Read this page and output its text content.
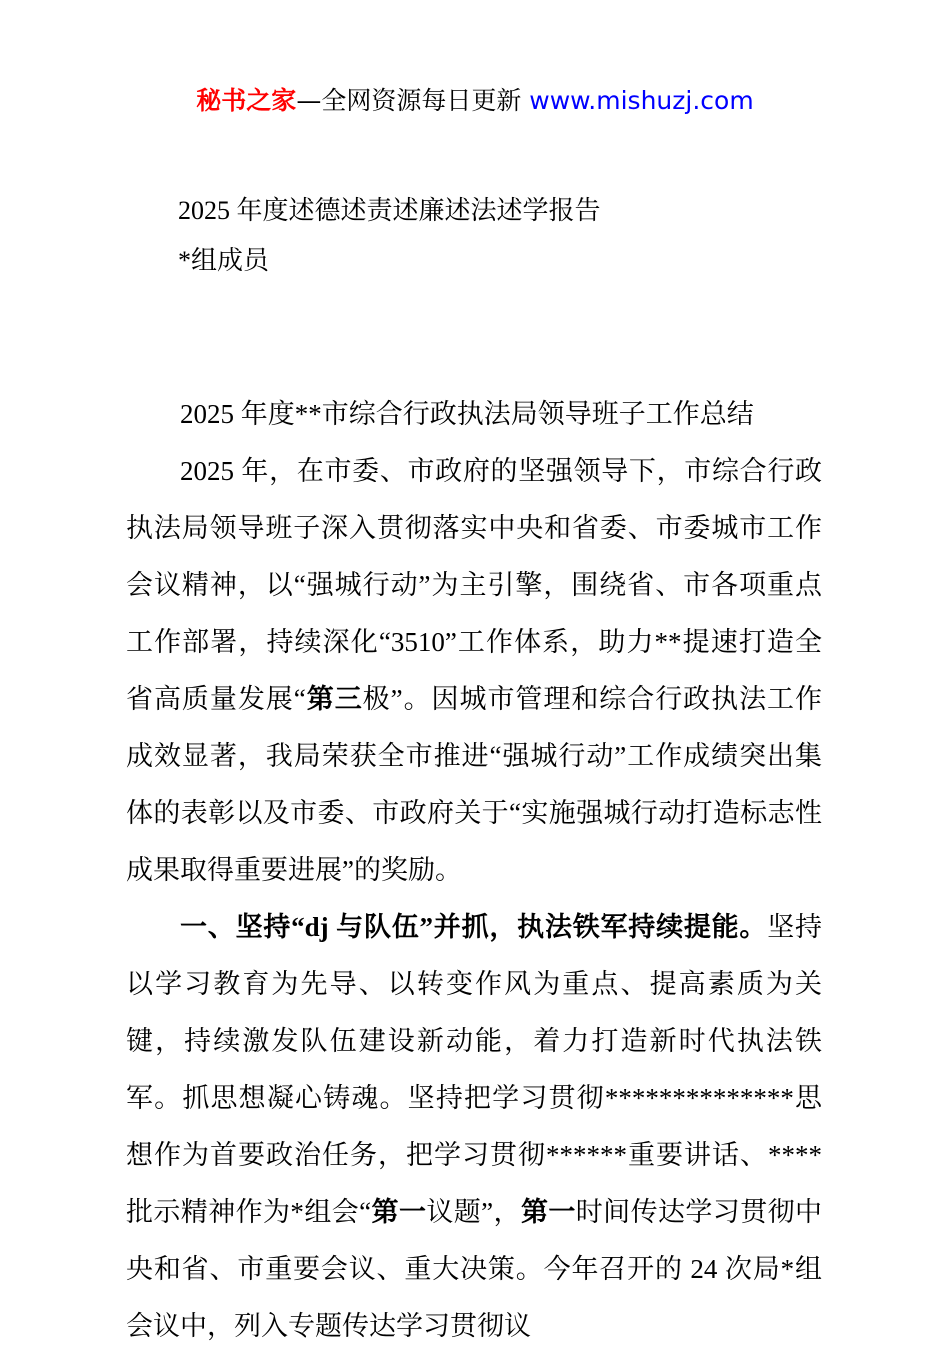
秘书之家—全网资源每日更新 www.mishuzj.com

2025 年度述德述责述廉述法述学报告

*组成员

2025 年度**市综合行政执法局领导班子工作总结

2025 年，在市委、市政府的坚强领导下，市综合行政执法局领导班子深入贯彻落实中央和省委、市委城市工作会议精神，以“强城行动”为主引擎，围绕省、市各项重点工作部署，持续深化“3510”工作体系，助力**提速打造全省高质量发展“第三极”。因城市管理和综合行政执法工作成效显著，我局荣获全市推进“强城行动”工作成绩突出集体的表彰以及市委、市政府关于“实施强城行动打造标志性成果取得重要进展”的奖励。

一、坚持“dj 与队伍”并抓，执法铁军持续提能。坚持以学习教育为先导、以转变作风为重点、提高素质为关键，持续激发队伍建设新动能，着力打造新时代执法铁军。抓思想凝心铸魂。坚持把学习贯彻**************思想作为首要政治任务，把学习贯彻******重要讲话、****批示精神作为*组会“第一议题”，第一时间传达学习贯彻中央和省、市重要会议、重大决策。今年召开的 24 次局*组会议中，列入专题传达学习贯彻议
